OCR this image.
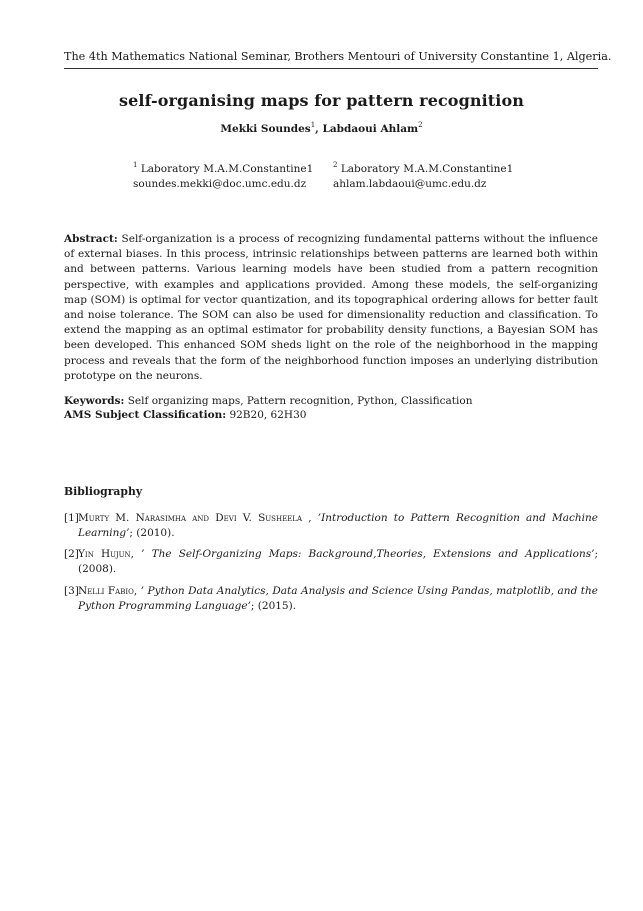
The 4th Mathematics National Seminar, Brothers Mentouri of University Constantine 1, Algeria.
self-organising maps for pattern recognition
Mekki Soundes$^1$, Labdaoui Ahlam$^2$
$^1$ Laboratory M.A.M.Constantine1
soundes.mekki@doc.umc.edu.dz
$^2$ Laboratory M.A.M.Constantine1
ahlam.labdaoui@umc.edu.dz
Abstract: Self-organization is a process of recognizing fundamental patterns without the influence of external biases. In this process, intrinsic relationships between patterns are learned both within and between patterns. Various learning models have been studied from a pattern recognition perspective, with examples and applications provided. Among these models, the self-organizing map (SOM) is optimal for vector quantization, and its topographical ordering allows for better fault and noise tolerance. The SOM can also be used for dimensionality reduction and classification. To extend the mapping as an optimal estimator for probability density functions, a Bayesian SOM has been developed. This enhanced SOM sheds light on the role of the neighborhood in the mapping process and reveals that the form of the neighborhood function imposes an underlying distribution prototype on the neurons.
Keywords: Self organizing maps, Pattern recognition, Python, Classification
AMS Subject Classification: 92B20, 62H30
Bibliography
[1] Murty M. Narasimha and Devi V. Susheela , ’Introduction to Pattern Recognition and Machine Learning’; (2010).
[2] Yin Hujun, ’ The Self-Organizing Maps: Background,Theories, Extensions and Applications’; (2008).
[3] Nelli Fabio, ’ Python Data Analytics, Data Analysis and Science Using Pandas, matplotlib, and the Python Programming Language’; (2015).
